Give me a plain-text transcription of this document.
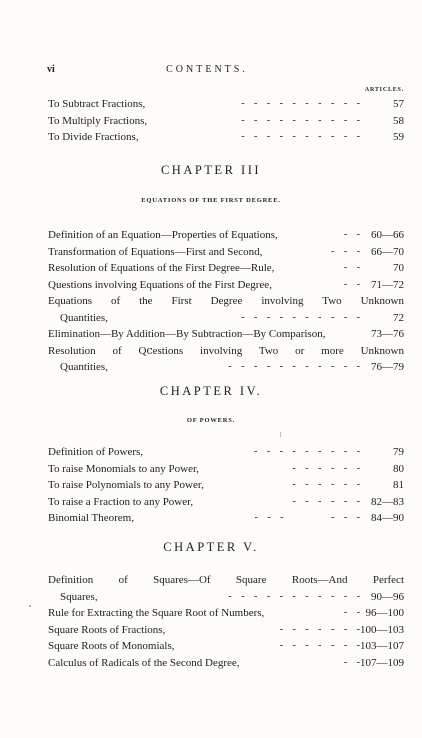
vi	CONTENTS.
ARTICLES.
To Subtract Fractions,	- - - - - - - - - -	57
To Multiply Fractions,	- - - - - - - - - -	58
To Divide Fractions,	- - - - - - - - - -	59
CHAPTER III
EQUATIONS OF THE FIRST DEGREE.
Definition of an Equation—Properties of Equations,	- - 60—66
Transformation of Equations—First and Second,	- - - 66—70
Resolution of Equations of the First Degree—Rule,	- -	70
Questions involving Equations of the First Degree,	- - 71—72
Equations of the First Degree involving Two Unknown
Quantities,	- - - - - - - - - -	72
Elimination—By Addition—By Subtraction—By Comparison,	73—76
Resolution of Qⅽestions involving Two or more Unknown
Quantities,	- - - - - - - - - - - 76—79
CHAPTER IV.
OF POWERS.
Definition of Powers,	- - - - - - - - -	79
To raise Monomials to any Power,	- - - - - -	80
To raise Polynomials to any Power,	- - - - - -	81
To raise a Fraction to any Power,	- - - - - - 82—83
Binomial Theorem,	- - -     - - - 84—90
CHAPTER V.
Definition of Squares—Of Square Roots—And Perfect
Squares,	- - - - - - - - - - - 90—96
Rule for Extracting the Square Root of Numbers,	- - 96—100
Square Roots of Fractions,	- - - - - - - 100—103
Square Roots of Monomials,	- - - - - - - 103—107
Calculus of Radicals of the Second Degree,	- - 107—109
